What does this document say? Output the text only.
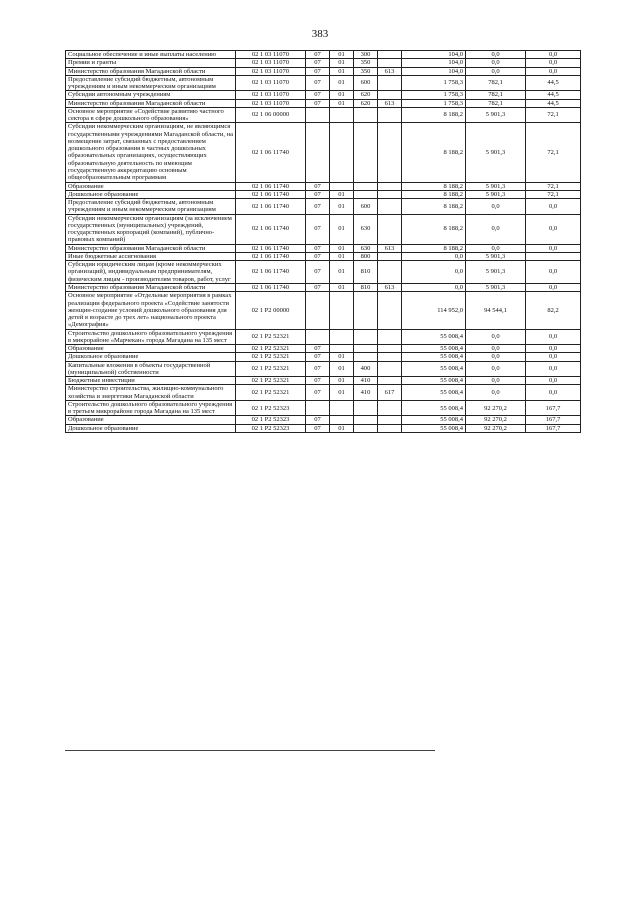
383
Социальное обеспечение и иные выплаты населению	02 1 03 11070	07	01	300		104,0	0,0	0,0
Премии и гранты	02 1 03 11070	07	01	350		104,0	0,0	0,0
Министерство образования Магаданской области	02 1 03 11070	07	01	350	613	104,0	0,0	0,0
Предоставление субсидий бюджетным, автономным учреждениям и иным некоммерческим организациям	02 1 03 11070	07	01	600		1 758,3	782,1	44,5
Субсидии автономным учреждениям	02 1 03 11070	07	01	620		1 758,3	782,1	44,5
Министерство образования Магаданской области	02 1 03 11070	07	01	620	613	1 758,3	782,1	44,5
Основное мероприятие «Содействие развитию частного сектора в сфере дошкольного образования»	02 1 06 00000					8 188,2	5 901,3	72,1
Субсидии некоммерческим организациям, не являющимся государственными учреждениями Магаданской области, на возмещение затрат, связанных с предоставлением дошкольного образования в частных дошкольных образовательных организациях, осуществляющих образовательную деятельность по имеющим государственную аккредитацию основным общеобразовательным программам	02 1 06 11740					8 188,2	5 901,3	72,1
Образование	02 1 06 11740	07				8 188,2	5 901,3	72,1
Дошкольное образование	02 1 06 11740	07	01			8 188,2	5 901,3	72,1
Предоставление субсидий бюджетным, автономным учреждениям и иным некоммерческим организациям	02 1 06 11740	07	01	600		8 188,2	0,0	0,0
Субсидии некоммерческим организациям (за исключением государственных (муниципальных) учреждений, государственных корпораций (компаний), публично-правовых компаний)	02 1 06 11740	07	01	630		8 188,2	0,0	0,0
Министерство образования Магаданской области	02 1 06 11740	07	01	630	613	8 188,2	0,0	0,0
Иные бюджетные ассигнования	02 1 06 11740	07	01	800		0,0	5 901,3	
Субсидии юридическим лицам (кроме некоммерческих организаций), индивидуальным предпринимателям, физическим лицам - производителям товаров, работ, услуг	02 1 06 11740	07	01	810		0,0	5 901,3	0,0
Министерство образования Магаданской области	02 1 06 11740	07	01	810	613	0,0	5 901,3	0,0
Основное мероприятие «Отдельные мероприятия в рамках реализации федерального проекта «Содействие занятости женщин-создание условий дошкольного образования для детей в возрасте до трех лет» национального проекта «Демография»	02 1 P2 00000					114 952,0	94 544,1	82,2
Строительство дошкольного образовательного учреждения в микрорайоне «Марчекан» города Магадана на 135 мест	02 1 P2 52321					55 008,4	0,0	0,0
Образование	02 1 P2 52321	07				55 008,4	0,0	0,0
Дошкольное образование	02 1 P2 52321	07	01			55 008,4	0,0	0,0
Капитальные вложения в объекты государственной (муниципальной) собственности	02 1 P2 52321	07	01	400		55 008,4	0,0	0,0
Бюджетные инвестиции	02 1 P2 52321	07	01	410		55 008,4	0,0	0,0
Министерство строительства, жилищно-коммунального хозяйства и энергетики Магаданской области	02 1 P2 52321	07	01	410	617	55 008,4	0,0	0,0
Строительство дошкольного образовательного учреждения в третьем микрорайоне города Магадана на 135 мест	02 1 P2 52323					55 008,4	92 270,2	167,7
Образование	02 1 P2 52323	07				55 008,4	92 270,2	167,7
Дошкольное образование	02 1 P2 52323	07	01			55 008,4	92 270,2	167,7
